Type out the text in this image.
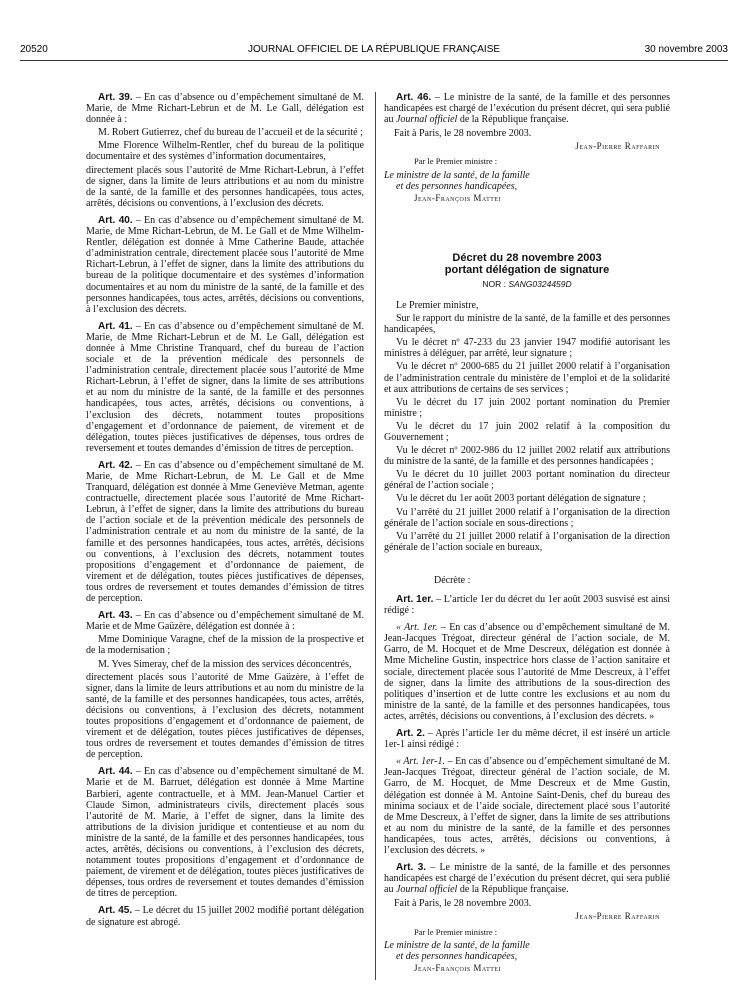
20520	JOURNAL OFFICIEL DE LA RÉPUBLIQUE FRANÇAISE	30 novembre 2003

Art. 39. – En cas d’absence ou d’empêchement simultané de M. Marie, de Mme Richart-Lebrun et de M. Le Gall, délégation est donnée à :

M. Robert Gutierrez, chef du bureau de l’accueil et de la sécurité ;

Mme Florence Wilhelm-Rentler, chef du bureau de la politique documentaire et des systèmes d’information documentaires,

directement placés sous l’autorité de Mme Richart-Lebrun, à l’effet de signer, dans la limite de leurs attributions et au nom du ministre de la santé, de la famille et des personnes handicapées, tous actes, arrêtés, décisions ou conventions, à l’exclusion des décrets.

Art. 40. – En cas d’absence ou d’empêchement simultané de M. Marie, de Mme Richart-Lebrun, de M. Le Gall et de Mme Wilhelm-Rentler, délégation est donnée à Mme Catherine Baude, attachée d’administration centrale, directement placée sous l’autorité de Mme Richart-Lebrun, à l’effet de signer, dans la limite des attributions du bureau de la politique documentaire et des systèmes d’information documentaires et au nom du ministre de la santé, de la famille et des personnes handicapées, tous actes, arrêtés, décisions ou conventions, à l’exclusion des décrets.

Art. 41. – En cas d’absence ou d’empêchement simultané de M. Marie, de Mme Richart-Lebrun et de M. Le Gall, délégation est donnée à Mme Christine Tranquard, chef du bureau de l’action sociale et de la prévention médicale des personnels de l’administration centrale, directement placée sous l’autorité de Mme Richart-Lebrun, à l’effet de signer, dans la limite de ses attributions et au nom du ministre de la santé, de la famille et des personnes handicapées, tous actes, arrêtés, décisions ou conventions, à l’exclusion des décrets, notamment toutes propositions d’engagement et d’ordonnance de paiement, de virement et de délégation, toutes pièces justificatives de dépenses, tous ordres de reversement et toutes demandes d’émission de titres de perception.

Art. 42. – En cas d’absence ou d’empêchement simultané de M. Marie, de Mme Richart-Lebrun, de M. Le Gall et de Mme Tranquard, délégation est donnée à Mme Geneviève Metman, agente contractuelle, directement placée sous l’autorité de Mme Richart-Lebrun, à l’effet de signer, dans la limite des attributions du bureau de l’action sociale et de la prévention médicale des personnels de l’administration centrale et au nom du ministre de la santé, de la famille et des personnes handicapées, tous actes, arrêtés, décisions ou conventions, à l’exclusion des décrets, notamment toutes propositions d’engagement et d’ordonnance de paiement, de virement et de délégation, toutes pièces justificatives de dépenses, tous ordres de reversement et toutes demandes d’émission de titres de perception.

Art. 43. – En cas d’absence ou d’empêchement simultané de M. Marie et de Mme Gaüzère, délégation est donnée à :

Mme Dominique Varagne, chef de la mission de la prospective et de la modernisation ;

M. Yves Simeray, chef de la mission des services déconcentrés,

directement placés sous l’autorité de Mme Gaüzère, à l’effet de signer, dans la limite de leurs attributions et au nom du ministre de la santé, de la famille et des personnes handicapées, tous actes, arrêtés, décisions ou conventions, à l’exclusion des décrets, notamment toutes propositions d’engagement et d’ordonnance de paiement, de virement et de délégation, toutes pièces justificatives de dépenses, tous ordres de reversement et toutes demandes d’émission de titres de perception.

Art. 44. – En cas d’absence ou d’empêchement simultané de M. Marie et de M. Barruet, délégation est donnée à Mme Martine Barbieri, agente contractuelle, et à MM. Jean-Manuel Cartier et Claude Simon, administrateurs civils, directement placés sous l’autorité de M. Marie, à l’effet de signer, dans la limite des attributions de la division juridique et contentieuse et au nom du ministre de la santé, de la famille et des personnes handicapées, tous actes, arrêtés, décisions ou conventions, à l’exclusion des décrets, notamment toutes propositions d’engagement et d’ordonnance de paiement, de virement et de délégation, toutes pièces justificatives de dépenses, tous ordres de reversement et toutes demandes d’émission de titres de perception.

Art. 45. – Le décret du 15 juillet 2002 modifié portant délégation de signature est abrogé.

Art. 46. – Le ministre de la santé, de la famille et des personnes handicapées est chargé de l’exécution du présent décret, qui sera publié au Journal officiel de la République française.

Fait à Paris, le 28 novembre 2003.

Jean-Pierre Raffarin
Par le Premier ministre :
Le ministre de la santé, de la famille
et des personnes handicapées,
Jean-François Mattei
Décret du 28 novembre 2003
portant délégation de signature
NOR : SANG0324459D

Le Premier ministre,

Sur le rapport du ministre de la santé, de la famille et des personnes handicapées,

Vu le décret nº 47-233 du 23 janvier 1947 modifié autorisant les ministres à déléguer, par arrêté, leur signature ;

Vu le décret nº 2000-685 du 21 juillet 2000 relatif à l’organisation de l’administration centrale du ministère de l’emploi et de la solidarité et aux attributions de certains de ses services ;

Vu le décret du 17 juin 2002 portant nomination du Premier ministre ;

Vu le décret du 17 juin 2002 relatif à la composition du Gouvernement ;

Vu le décret nº 2002-986 du 12 juillet 2002 relatif aux attributions du ministre de la santé, de la famille et des personnes handicapées ;

Vu le décret du 10 juillet 2003 portant nomination du directeur général de l’action sociale ;

Vu le décret du 1er août 2003 portant délégation de signature ;

Vu l’arrêté du 21 juillet 2000 relatif à l’organisation de la direction générale de l’action sociale en sous-directions ;

Vu l’arrêté du 21 juillet 2000 relatif à l’organisation de la direction générale de l’action sociale en bureaux,

Décrète :

Art. 1er. – L’article 1er du décret du 1er août 2003 susvisé est ainsi rédigé :

« Art. 1er. – En cas d’absence ou d’empêchement simultané de M. Jean-Jacques Trégoat, directeur général de l’action sociale, de M. Garro, de M. Hocquet et de Mme Descreux, délégation est donnée à Mme Micheline Gustin, inspectrice hors classe de l’action sanitaire et sociale, directement placée sous l’autorité de Mme Descreux, à l’effet de signer, dans la limite des attributions de la sous-direction des politiques d’insertion et de lutte contre les exclusions et au nom du ministre de la santé, de la famille et des personnes handicapées, tous actes, arrêtés, décisions ou conventions, à l’exclusion des décrets. »

Art. 2. – Après l’article 1er du même décret, il est inséré un article 1er-1 ainsi rédigé :

« Art. 1er-1. – En cas d’absence ou d’empêchement simultané de M. Jean-Jacques Trégoat, directeur général de l’action sociale, de M. Garro, de M. Hocquet, de Mme Descreux et de Mme Gustin, délégation est donnée à M. Antoine Saint-Denis, chef du bureau des minima sociaux et de l’aide sociale, directement placé sous l’autorité de Mme Descreux, à l’effet de signer, dans la limite de ses attributions et au nom du ministre de la santé, de la famille et des personnes handicapées, tous actes, arrêtés, décisions ou conventions, à l’exclusion des décrets. »

Art. 3. – Le ministre de la santé, de la famille et des personnes handicapées est chargé de l’exécution du présent décret, qui sera publié au Journal officiel de la République française.

Fait à Paris, le 28 novembre 2003.

Jean-Pierre Raffarin
Par le Premier ministre :
Le ministre de la santé, de la famille
et des personnes handicapées,
Jean-François Mattei
